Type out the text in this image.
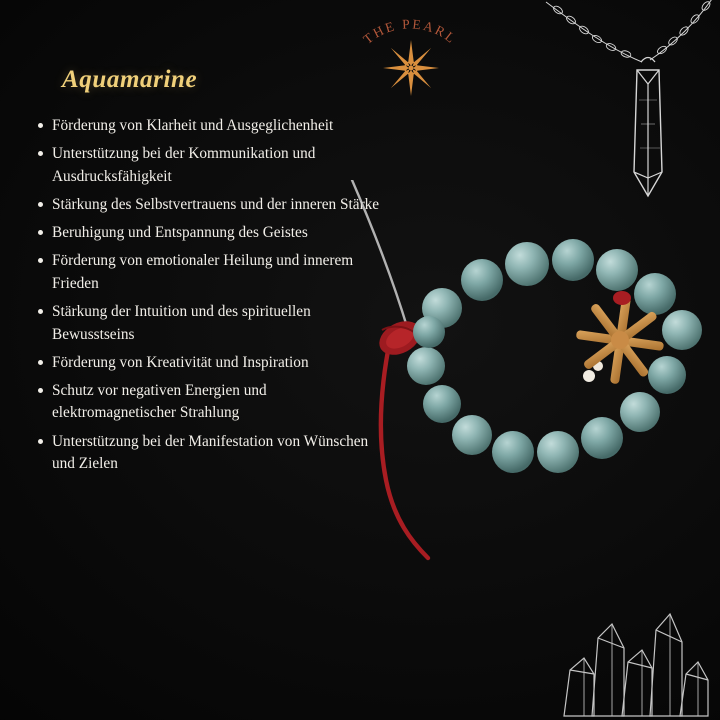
THE PEARL
Aquamarine
Förderung von Klarheit und Ausgeglichenheit
Unterstützung bei der Kommunikation und Ausdrucksfähigkeit
Stärkung des Selbstvertrauens und der inneren Stärke
Beruhigung und Entspannung des Geistes
Förderung von emotionaler Heilung und innerem Frieden
Stärkung der Intuition und des spirituellen Bewusstseins
Förderung von Kreativität und Inspiration
Schutz vor negativen Energien und elektromagnetischer Strahlung
Unterstützung bei der Manifestation von Wünschen und Zielen
